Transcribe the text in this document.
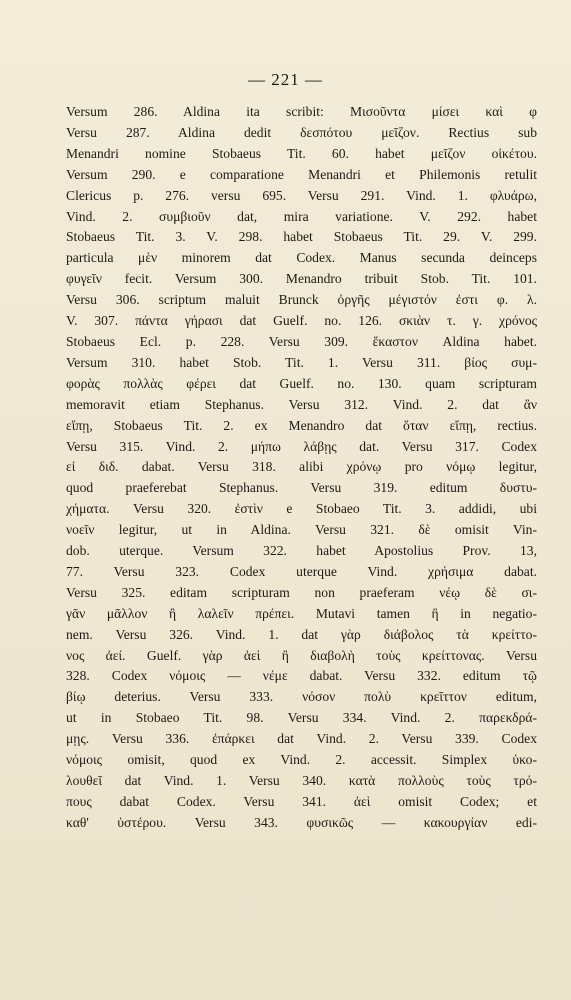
— 221 —
Versum 286. Aldina ita scribit: Μισοῦντα μίσει καὶ φ
Versu 287. Aldina dedit δεσπότου μεῖζον. Rectius sub
Menandri nomine Stobaeus Tit. 60. habet μεῖζον οἰκέτου.
Versum 290. e comparatione Menandri et Philemonis retulit
Clericus p. 276. versu 695. Versu 291. Vind. 1. φλυάρω,
Vind. 2. συμβιοῦν dat, mira variatione. V. 292. habet
Stobaeus Tit. 3. V. 298. habet Stobaeus Tit. 29. V. 299.
particula μὲν minorem dat Codex. Manus secunda deinceps
φυγεῖν fecit. Versum 300. Menandro tribuit Stob. Tit. 101.
Versu 306. scriptum maluit Brunck ὀργῆς μέγιστόν ἐστι φ. λ.
V. 307. πάντα γήρασι dat Guelf. no. 126. σκιὰν τ. γ. χρόνος
Stobaeus Ecl. p. 228. Versu 309. ἕκαστον Aldina habet.
Versum 310. habet Stob. Tit. 1. Versu 311. βίος συμ-
φορὰς πολλὰς φέρει dat Guelf. no. 130. quam scripturam
memoravit etiam Stephanus. Versu 312. Vind. 2. dat ἂν
εἴπῃ, Stobaeus Tit. 2. ex Menandro dat ὅταν εἴπῃ, rectius.
Versu 315. Vind. 2. μήπω λάβῃς dat. Versu 317. Codex
εἰ διδ. dabat. Versu 318. alibi χρόνῳ pro νόμῳ legitur,
quod praeferebat Stephanus. Versu 319. editum δυστυ-
χήματα. Versu 320. ἐστὶν e Stobaeo Tit. 3. addidi, ubi
νοεῖν legitur, ut in Aldina. Versu 321. δὲ omisit Vin-
dob. uterque. Versum 322. habet Apostolius Prov. 13,
77. Versu 323. Codex uterque Vind. χρήσιμα dabat.
Versu 325. editam scripturam non praeferam νέῳ δὲ σι-
γᾶν μᾶλλον ἢ λαλεῖν πρέπει. Mutavi tamen ἢ in negatio-
nem. Versu 326. Vind. 1. dat γὰρ διάβολος τὰ κρείττο-
νος ἀεί. Guelf. γὰρ ἀεὶ ἢ διαβολὴ τοὺς κρείττονας. Versu
328. Codex νόμοις — νέμε dabat. Versu 332. editum τῷ
βίῳ deterius. Versu 333. νόσον πολὺ κρεῖττον editum,
ut in Stobaeo Tit. 98. Versu 334. Vind. 2. παρεκδρά-
μῃς. Versu 336. ἐπάρκει dat Vind. 2. Versu 339. Codex
νόμοις omisit, quod ex Vind. 2. accessit. Simplex ὑκο-
λουθεῖ dat Vind. 1. Versu 340. κατὰ πολλοὺς τοὺς τρό-
πους dabat Codex. Versu 341. ἀεὶ omisit Codex; et
καθ' ὑστέρου. Versu 343. φυσικῶς — κακουργίαν edi-
